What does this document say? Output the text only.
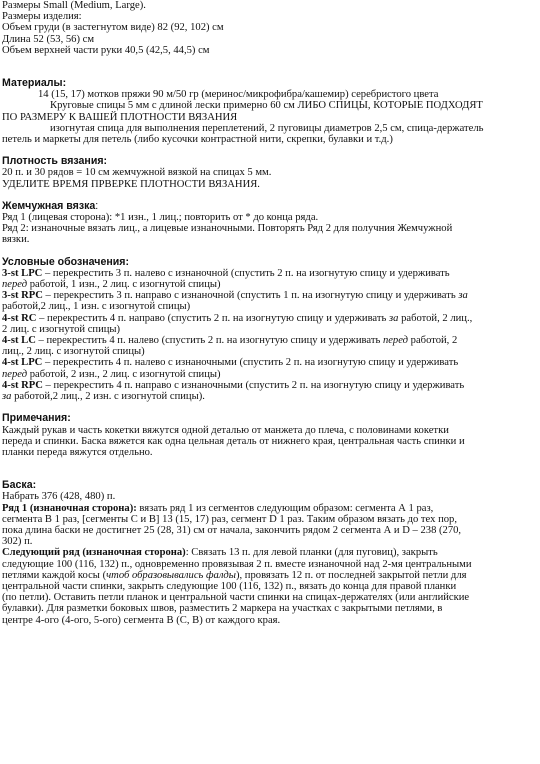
Размеры Small (Medium, Large).
Размеры изделия:
Объем груди (в застегнутом виде) 82 (92, 102) см
Длина 52 (53, 56) см
Объем верхней части руки 40,5 (42,5, 44,5) см
Материалы:
14 (15, 17) мотков пряжи 90 м/50 гр (мериноc/микрофибра/кашемир) серебристого цвета
Круговые спицы 5 мм с длиной лески примерно 60 см ЛИБО СПИЦЫ, КОТОРЫЕ ПОДХОДЯТ
ПО РАЗМЕРУ К ВАШЕЙ ПЛОТНОСТИ ВЯЗАНИЯ
изогнутая спица для выполнения переплетений, 2 пуговицы диаметров 2,5 см, спица-держатель
петель и маркеты для петель (либо кусочки контрастной нити, скрепки, булавки и т.д.)
Плотность вязания:
20 п. и 30 рядов = 10 см жемчужной вязкой на спицах 5 мм.
УДЕЛИТЕ ВРЕМЯ ПРВЕРКЕ ПЛОТНОСТИ ВЯЗАНИЯ.
Жемчужная вязка:
Ряд 1 (лицевая сторона): *1 изн., 1 лиц.; повторить от * до конца ряда.
Ряд 2: изнаночные вязать лиц., а лицевые изнаночными. Повторять Ряд 2 для получния Жемчужной
вязки.
Условные обозначения:
3-st LPC – перекрестить 3 п. налево с изнаночной (спустить 2 п. на изогнутую спицу и удерживать
перед работой, 1 изн., 2 лиц. с изогнутой спицы)
3-st RPC – перекрестить 3 п. направо с изнаночной (спустить 1 п. на изогнутую спицу и удерживать за
работой,2 лиц., 1 изн. с изогнутой спицы)
4-st RC – перекрестить 4 п. направо (спустить 2 п. на изогнутую спицу и удерживать за работой, 2 лиц.,
2 лиц. с изогнутой спицы)
4-st LC – перекрестить 4 п. налево (спустить 2 п. на изогнутую спицу и удерживать перед работой, 2
лиц., 2 лиц. с изогнутой спицы)
4-st LPC – перекрестить 4 п. налево с изнаночными (спустить 2 п. на изогнутую спицу и удерживать
перед работой, 2 изн., 2 лиц. с изогнутой спицы)
4-st RPC – перекрестить 4 п. направо с изнаночными (спустить 2 п. на изогнутую спицу и удерживать
за работой,2 лиц., 2 изн. с изогнутой спицы).
Примечания:
Каждый рукав и часть кокетки вяжутся одной деталью от манжета до плеча, с половинами кокетки
переда и спинки. Баска вяжется как одна цельная деталь от нижнего края, центральная часть спинки и
планки переда вяжутся отдельно.
Баска:
Набрать 376 (428, 480) п.
Ряд 1 (изнаночная сторона): вязать ряд 1 из сегментов следующим образом: сегмента А 1 раз,
сегмента В 1 раз, [сегменты С и В] 13 (15, 17) раз, сегмент D 1 раз. Таким образом вязать до тех пор,
пока длина баски не достигнет 25 (28, 31) см от начала, закончить рядом 2 сегмента А и D – 238 (270,
302) п.
Следующий ряд (изнаночная сторона): Связать 13 п. для левой планки (для пуговиц), закрыть
следующие 100 (116, 132) п., одновременно провязывая 2 п. вместе изнаночной над 2-мя центральными
петлями каждой косы (чтоб образовывались фалды), провязать 12 п. от последней закрытой петли для
центральной части спинки, закрыть следующие 100 (116, 132) п., вязать до конца для правой планки
(по петли). Оставить петли планок и центральной части спинки на спицах-держателях (или английские
булавки). Для разметки боковых швов, разместить 2 маркера на участках с закрытыми петлями, в
центре 4-ого (4-ого, 5-ого) сегмента В (С, В) от каждого края.
